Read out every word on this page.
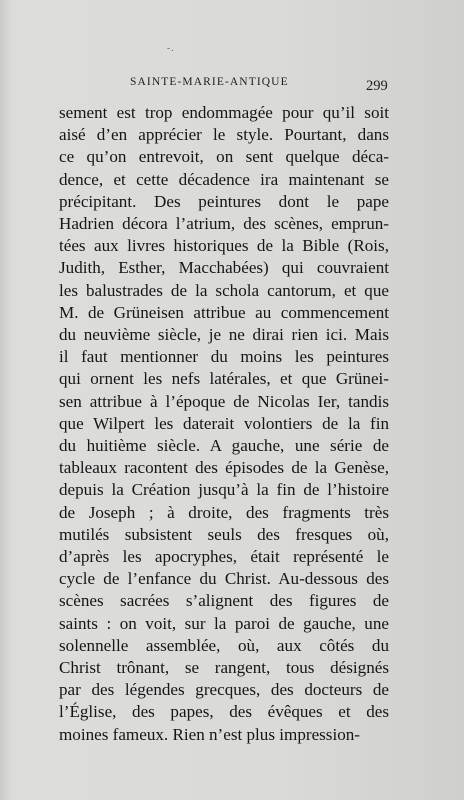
-.
SAINTE-MARIE-ANTIQUE	299
sement est trop endommagée pour qu’il soit
aisé d’en apprécier le style. Pourtant, dans
ce qu’on entrevoit, on sent quelque déca-
dence, et cette décadence ira maintenant se
précipitant. Des peintures dont le pape
Hadrien décora l’atrium, des scènes, emprun-
tées aux livres historiques de la Bible (Rois,
Judith, Esther, Macchabées) qui couvraient
les balustrades de la schola cantorum, et que
M. de Grüneisen attribue au commencement
du neuvième siècle, je ne dirai rien ici. Mais
il faut mentionner du moins les peintures
qui ornent les nefs latérales, et que Grünei-
sen attribue à l’époque de Nicolas Ier, tandis
que Wilpert les daterait volontiers de la fin
du huitième siècle. A gauche, une série de
tableaux racontent des épisodes de la Genèse,
depuis la Création jusqu’à la fin de l’histoire
de Joseph ; à droite, des fragments très
mutilés subsistent seuls des fresques où,
d’après les apocryphes, était représenté le
cycle de l’enfance du Christ. Au-dessous des
scènes sacrées s’alignent des figures de
saints : on voit, sur la paroi de gauche, une
solennelle assemblée, où, aux côtés du
Christ trônant, se rangent, tous désignés
par des légendes grecques, des docteurs de
l’Église, des papes, des évêques et des
moines fameux. Rien n’est plus impression-
